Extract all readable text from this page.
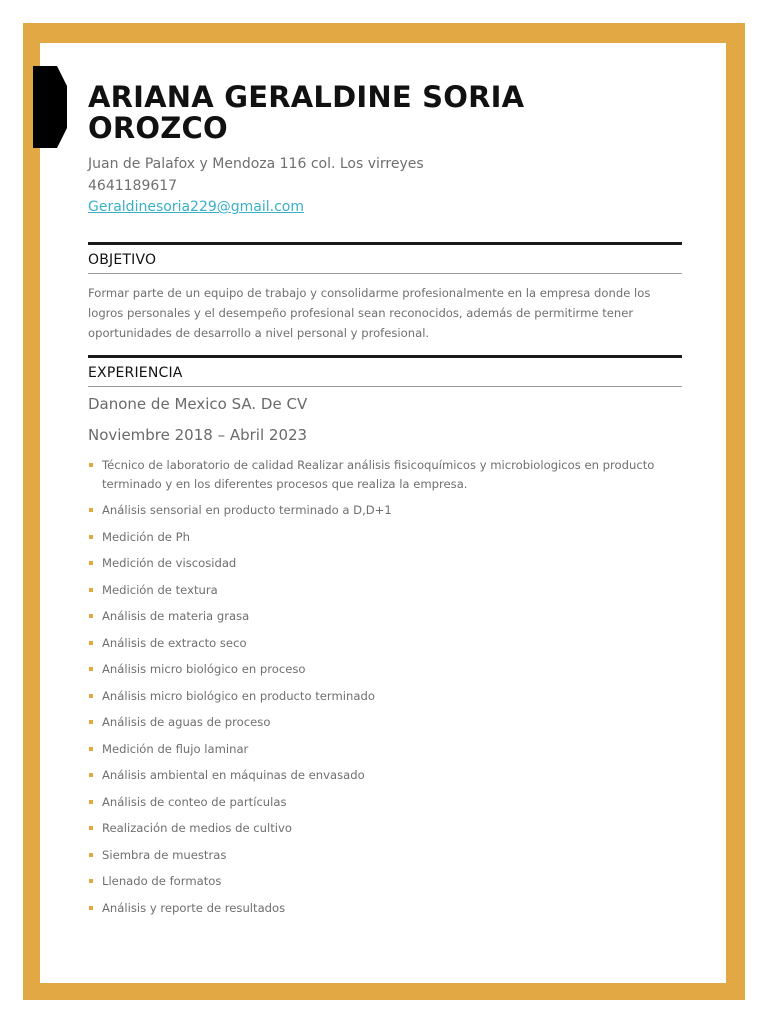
ARIANA GERALDINE SORIA
OROZCO
Juan de Palafox y Mendoza 116 col. Los virreyes
4641189617
Geraldinesoria229@gmail.com
OBJETIVO
Formar parte de un equipo de trabajo y consolidarme profesionalmente en la empresa donde los logros personales y el desempeño profesional sean reconocidos, además de permitirme tener oportunidades de desarrollo a nivel personal y profesional.
EXPERIENCIA
Danone de Mexico SA. De CV
Noviembre 2018 – Abril 2023
Técnico de laboratorio de calidad Realizar análisis fisicoquímicos y microbiologicos en producto terminado y en los diferentes procesos que realiza la empresa.
Análisis sensorial en producto terminado a D,D+1
Medición de Ph
Medición de viscosidad
Medición de textura
Análisis de materia grasa
Análisis de extracto seco
Análisis micro biológico en proceso
Análisis micro biológico en producto terminado
Análisis de aguas de proceso
Medición de flujo laminar
Análisis ambiental en máquinas de envasado
Análisis de conteo de partículas
Realización de medios de cultivo
Siembra de muestras
Llenado de formatos
Análisis y reporte de resultados
